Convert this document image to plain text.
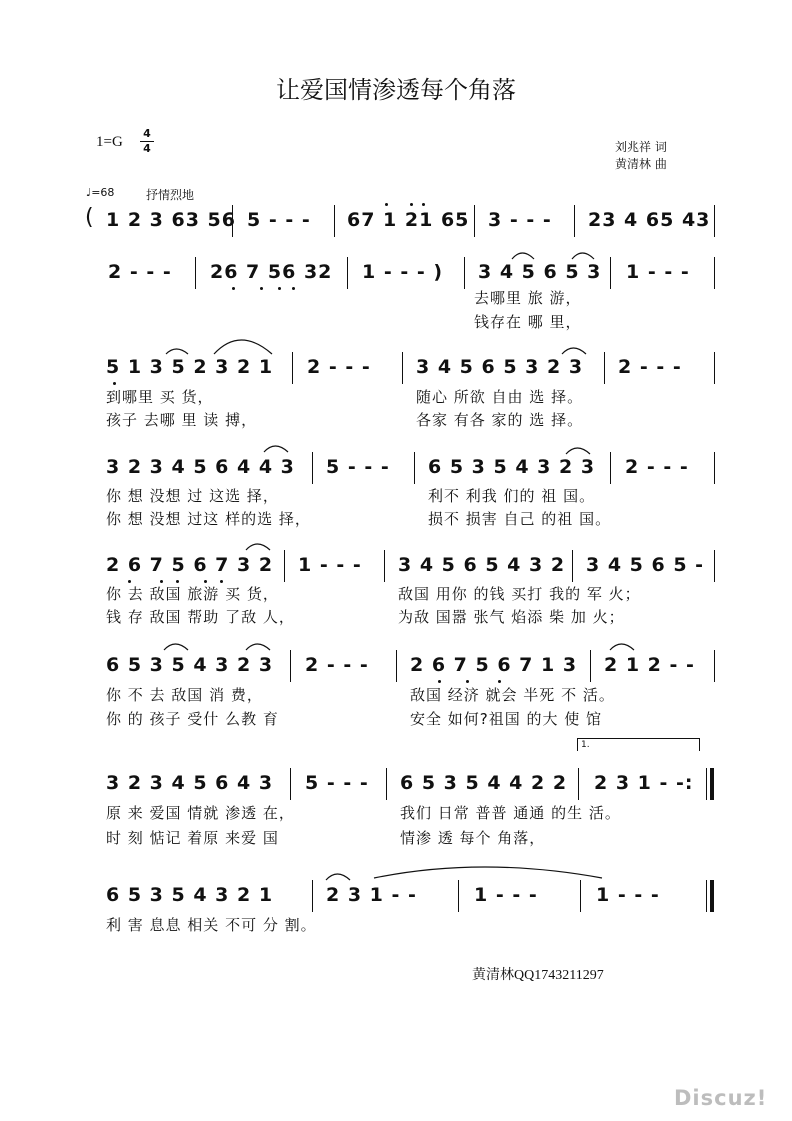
让爱国情渗透每个角落
1=G
4
4	刘兆祥 词
黄清林 曲
♩=68	抒情烈地
( 1 2 3 63 56 5 - - - 67 1 21 65 3 - - - 23 4 65 43
2 - - - 26 7 56 32 1 - - - ) 3 4 5 6 5 3 1 - - -
去哪里 旅 游，
钱存在 哪 里，
5 1 3 5 2 3 2 1 2 - - - 3 4 5 6 5 3 2 3 2 - - -
到哪里 买 货，	随心 所欲 自由 选 择。
孩子 去哪 里 读 搏，	各家 有各 家的 选 择。
3 2 3 4 5 6 4 4 3 5 - - - 6 5 3 5 4 3 2 3 2 - - -
你 想 没想 过 这选 择，	利不 利我 们的 祖 国。
你 想 没想 过这 样的选 择，	损不 损害 自己 的祖 国。
2 6 7 5 6 7 3 2 1 - - - 3 4 5 6 5 4 3 2 3 4 5 6 5 -
你 去 敌国 旅游 买 货，	敌国 用你 的钱 买打 我的 军 火；
钱 存 敌国 帮助 了敌 人，	为敌 国嚣 张气 焰添 柴 加 火；
6 5 3 5 4 3 2 3 2 - - - 2 6 7 5 6 7 1 3 2 1 2 - -
你 不 去 敌国 消 费，	敌国 经济 就会 半死 不 活。
你 的 孩子 受什 么教 育	安全 如何?祖国 的大 使 馆
1.
3 2 3 4 5 6 4 3 5 - - - 6 5 3 5 4 4 2 2 2 3 1 - -:
原 来 爱国 情就 渗透 在，	我们 日常 普普 通通 的生 活。
时 刻 惦记 着原 来爱 国	情渗 透 每个 角落，
6 5 3 5 4 3 2 1	2 3 1 - -	1 - - -	1 - - -
利 害 息息 相关 不可 分 割。
黄清林QQ1743211297
Discuz!
